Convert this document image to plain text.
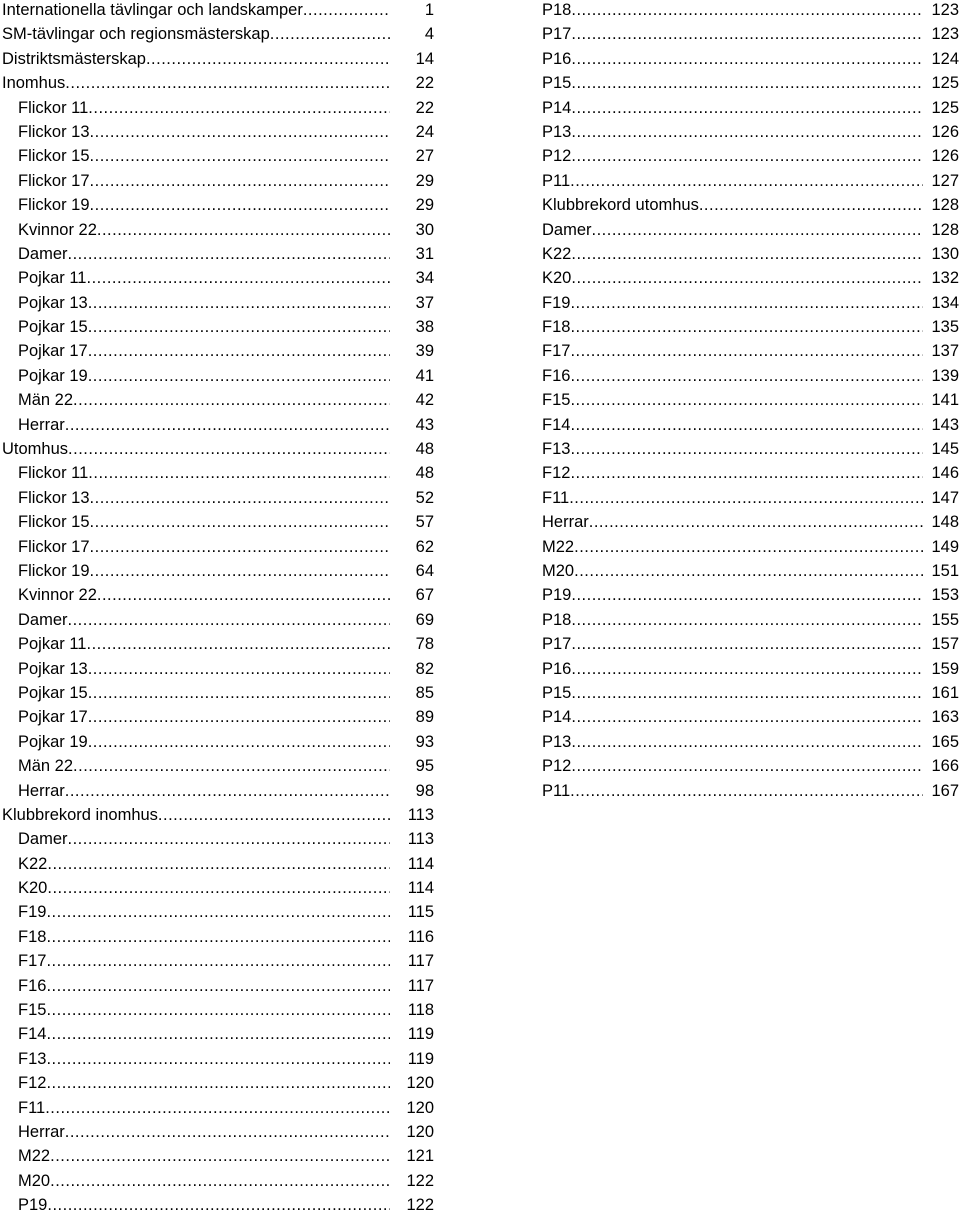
Internationella tävlingar och landskamper .....	1
SM-tävlingar och regionsmästerskap .....	4
Distriktsmästerskap .....	14
Inomhus .....	22
Flickor 11 .....	22
Flickor 13 .....	24
Flickor 15 .....	27
Flickor 17 .....	29
Flickor 19 .....	29
Kvinnor 22 .....	30
Damer .....	31
Pojkar 11 .....	34
Pojkar 13 .....	37
Pojkar 15 .....	38
Pojkar 17 .....	39
Pojkar 19 .....	41
Män 22 .....	42
Herrar .....	43
Utomhus .....	48
Flickor 11 .....	48
Flickor 13 .....	52
Flickor 15 .....	57
Flickor 17 .....	62
Flickor 19 .....	64
Kvinnor 22 .....	67
Damer .....	69
Pojkar 11 .....	78
Pojkar 13 .....	82
Pojkar 15 .....	85
Pojkar 17 .....	89
Pojkar 19 .....	93
Män 22 .....	95
Herrar .....	98
Klubbrekord inomhus .....	113
Damer .....	113
K22 .....	114
K20 .....	114
F19 .....	115
F18 .....	116
F17 .....	117
F16 .....	117
F15 .....	118
F14 .....	119
F13 .....	119
F12 .....	120
F11 .....	120
Herrar .....	120
M22 .....	121
M20 .....	122
P19 .....	122
P18 .....	123
P17 .....	123
P16 .....	124
P15 .....	125
P14 .....	125
P13 .....	126
P12 .....	126
P11 .....	127
Klubbrekord utomhus .....	128
Damer .....	128
K22 .....	130
K20 .....	132
F19 .....	134
F18 .....	135
F17 .....	137
F16 .....	139
F15 .....	141
F14 .....	143
F13 .....	145
F12 .....	146
F11 .....	147
Herrar .....	148
M22 .....	149
M20 .....	151
P19 .....	153
P18 .....	155
P17 .....	157
P16 .....	159
P15 .....	161
P14 .....	163
P13 .....	165
P12 .....	166
P11 .....	167
